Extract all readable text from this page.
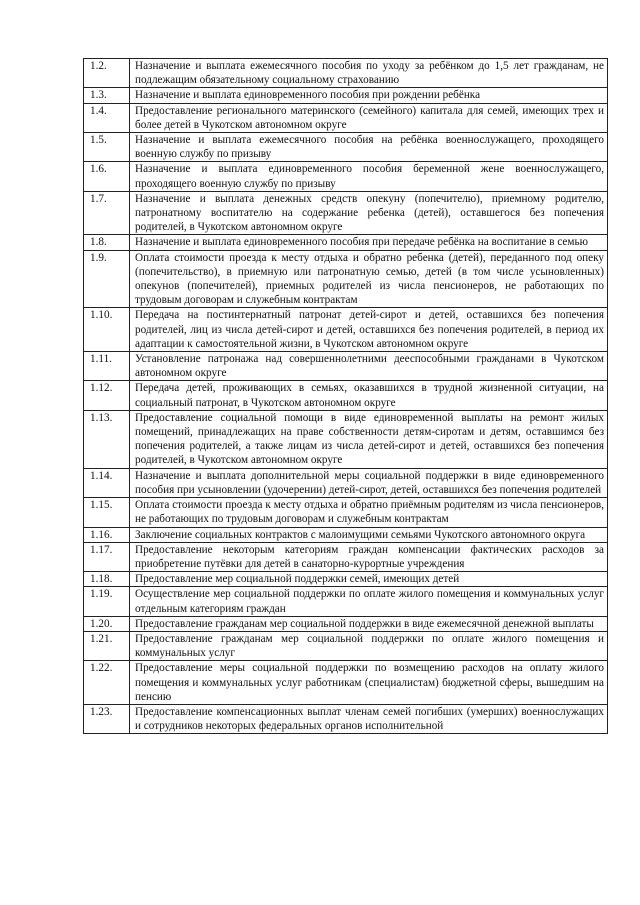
1.2.	Назначение и выплата ежемесячного пособия по уходу за ребёнком до 1,5 лет гражданам, не подлежащим обязательному социальному страхованию
1.3.	Назначение и выплата единовременного пособия при рождении ребёнка
1.4.	Предоставление регионального материнского (семейного) капитала для семей, имеющих трех и более детей в Чукотском автономном округе
1.5.	Назначение и выплата ежемесячного пособия на ребёнка военнослужащего, проходящего военную службу по призыву
1.6.	Назначение и выплата единовременного пособия беременной жене военнослужащего, проходящего военную службу по призыву
1.7.	Назначение и выплата денежных средств опекуну (попечителю), приемному родителю, патронатному воспитателю на содержание ребенка (детей), оставшегося без попечения родителей, в Чукотском автономном округе
1.8.	Назначение и выплата единовременного пособия при передаче ребёнка на воспитание в семью
1.9.	Оплата стоимости проезда к месту отдыха и обратно ребенка (детей), переданного под опеку (попечительство), в приемную или патронатную семью, детей (в том числе усыновленных) опекунов (попечителей), приемных родителей из числа пенсионеров, не работающих по трудовым договорам и служебным контрактам
1.10.	Передача на постинтернатный патронат детей-сирот и детей, оставшихся без попечения родителей, лиц из числа детей-сирот и детей, оставшихся без попечения родителей, в период их адаптации к самостоятельной жизни, в Чукотском автономном округе
1.11.	Установление патронажа над совершеннолетними дееспособными гражданами в Чукотском автономном округе
1.12.	Передача детей, проживающих в семьях, оказавшихся в трудной жизненной ситуации, на социальный патронат, в Чукотском автономном округе
1.13.	Предоставление социальной помощи в виде единовременной выплаты на ремонт жилых помещений, принадлежащих на праве собственности детям-сиротам и детям, оставшимся без попечения родителей, а также лицам из числа детей-сирот и детей, оставшихся без попечения родителей, в Чукотском автономном округе
1.14.	Назначение и выплата дополнительной меры социальной поддержки в виде единовременного пособия при усыновлении (удочерении) детей-сирот, детей, оставшихся без попечения родителей
1.15.	Оплата стоимости проезда к месту отдыха и обратно приёмным родителям из числа пенсионеров, не работающих по трудовым договорам и служебным контрактам
1.16.	Заключение социальных контрактов с малоимущими семьями Чукотского автономного округа
1.17.	Предоставление некоторым категориям граждан компенсации фактических расходов за приобретение путёвки для детей в санаторно-курортные учреждения
1.18.	Предоставление мер социальной поддержки семей, имеющих детей
1.19.	Осуществление мер социальной поддержки по оплате жилого помещения и коммунальных услуг отдельным категориям граждан
1.20.	Предоставление гражданам мер социальной поддержки в виде ежемесячной денежной выплаты
1.21.	Предоставление гражданам мер социальной поддержки по оплате жилого помещения и коммунальных услуг
1.22.	Предоставление меры социальной поддержки по возмещению расходов на оплату жилого помещения и коммунальных услуг работникам (специалистам) бюджетной сферы, вышедшим на пенсию
1.23.	Предоставление компенсационных выплат членам семей погибших (умерших) военнослужащих и сотрудников некоторых федеральных органов исполнительной
